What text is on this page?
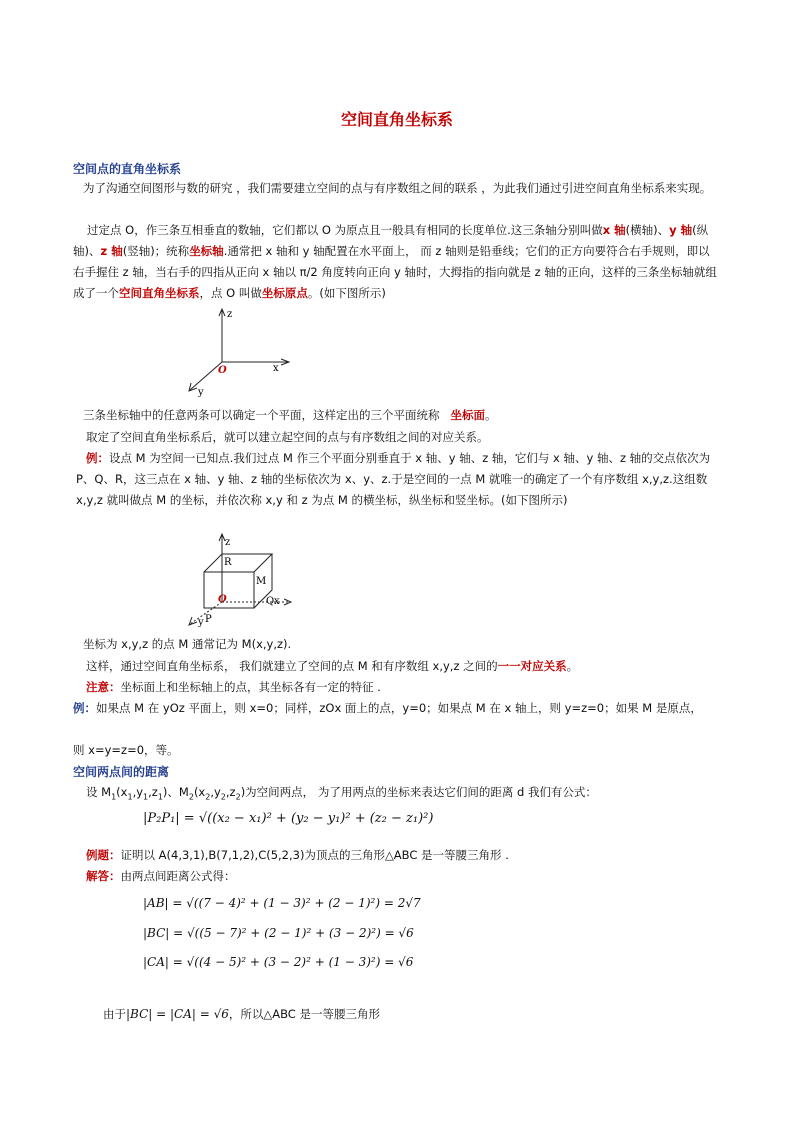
空间直角坐标系
空间点的直角坐标系
为了沟通空间图形与数的研究 ，我们需要建立空间的点与有序数组之间的联系 ，为此我们通过引进空间直角坐标系来实现。
过定点 O，作三条互相垂直的数轴，它们都以 O 为原点且一般具有相同的长度单位.这三条轴分别叫做x 轴(横轴)、y 轴(纵轴)、z 轴(竖轴)；统称坐标轴.通常把 x 轴和 y 轴配置在水平面上， 而 z 轴则是铅垂线；它们的正方向要符合右手规则，即以右手握住 z 轴，当右手的四指从正向 x 轴以 π/2 角度转向正向 y 轴时，大拇指的指向就是 z 轴的正向，这样的三条坐标轴就组成了一个空间直角坐标系，点 O 叫做坐标原点。(如下图所示)
z
x
y
O
三条坐标轴中的任意两条可以确定一个平面，这样定出的三个平面统称 坐标面。
取定了空间直角坐标系后，就可以建立起空间的点与有序数组之间的对应关系。
例：设点 M 为空间一已知点.我们过点 M 作三个平面分别垂直于 x 轴、y 轴、z 轴，它们与 x 轴、y 轴、z 轴的交点依次为 P、Q、R，这三点在 x 轴、y 轴、z 轴的坐标依次为 x、y、z.于是空间的一点 M 就唯一的确定了一个有序数组 x,y,z.这组数 x,y,z 就叫做点 M 的坐标，并依次称 x,y 和 z 为点 M 的横坐标，纵坐标和竖坐标。(如下图所示)
z
R
M
O	Q x
y P
坐标为 x,y,z 的点 M 通常记为 M(x,y,z).
这样，通过空间直角坐标系， 我们就建立了空间的点 M 和有序数组 x,y,z 之间的一一对应关系。
注意：坐标面上和坐标轴上的点，其坐标各有一定的特征 .
例：如果点 M 在 yOz 平面上，则 x=0；同样，zOx 面上的点，y=0；如果点 M 在 x 轴上，则 y=z=0；如果 M 是原点，
则 x=y=z=0，等。
空间两点间的距离
设 $M_1(x_1,y_1,z_1)$、$M_2(x_2,y_2,z_2)$为空间两点， 为了用两点的坐标来表达它们间的距离 d 我们有公式：
|P₂P₁| = √((x₂ − x₁)² + (y₂ − y₁)² + (z₂ − z₁)²)
例题：证明以 A(4,3,1),B(7,1,2),C(5,2,3)为顶点的三角形△ABC 是一等腰三角形 .
解答：由两点间距离公式得：
|AB| = √((7 − 4)² + (1 − 3)² + (2 − 1)²) = 2√7
|BC| = √((5 − 7)² + (2 − 1)² + (3 − 2)²) = √6
|CA| = √((4 − 5)² + (3 − 2)² + (1 − 3)²) = √6
由于|BC| = |CA| = √6，所以△ABC 是一等腰三角形
